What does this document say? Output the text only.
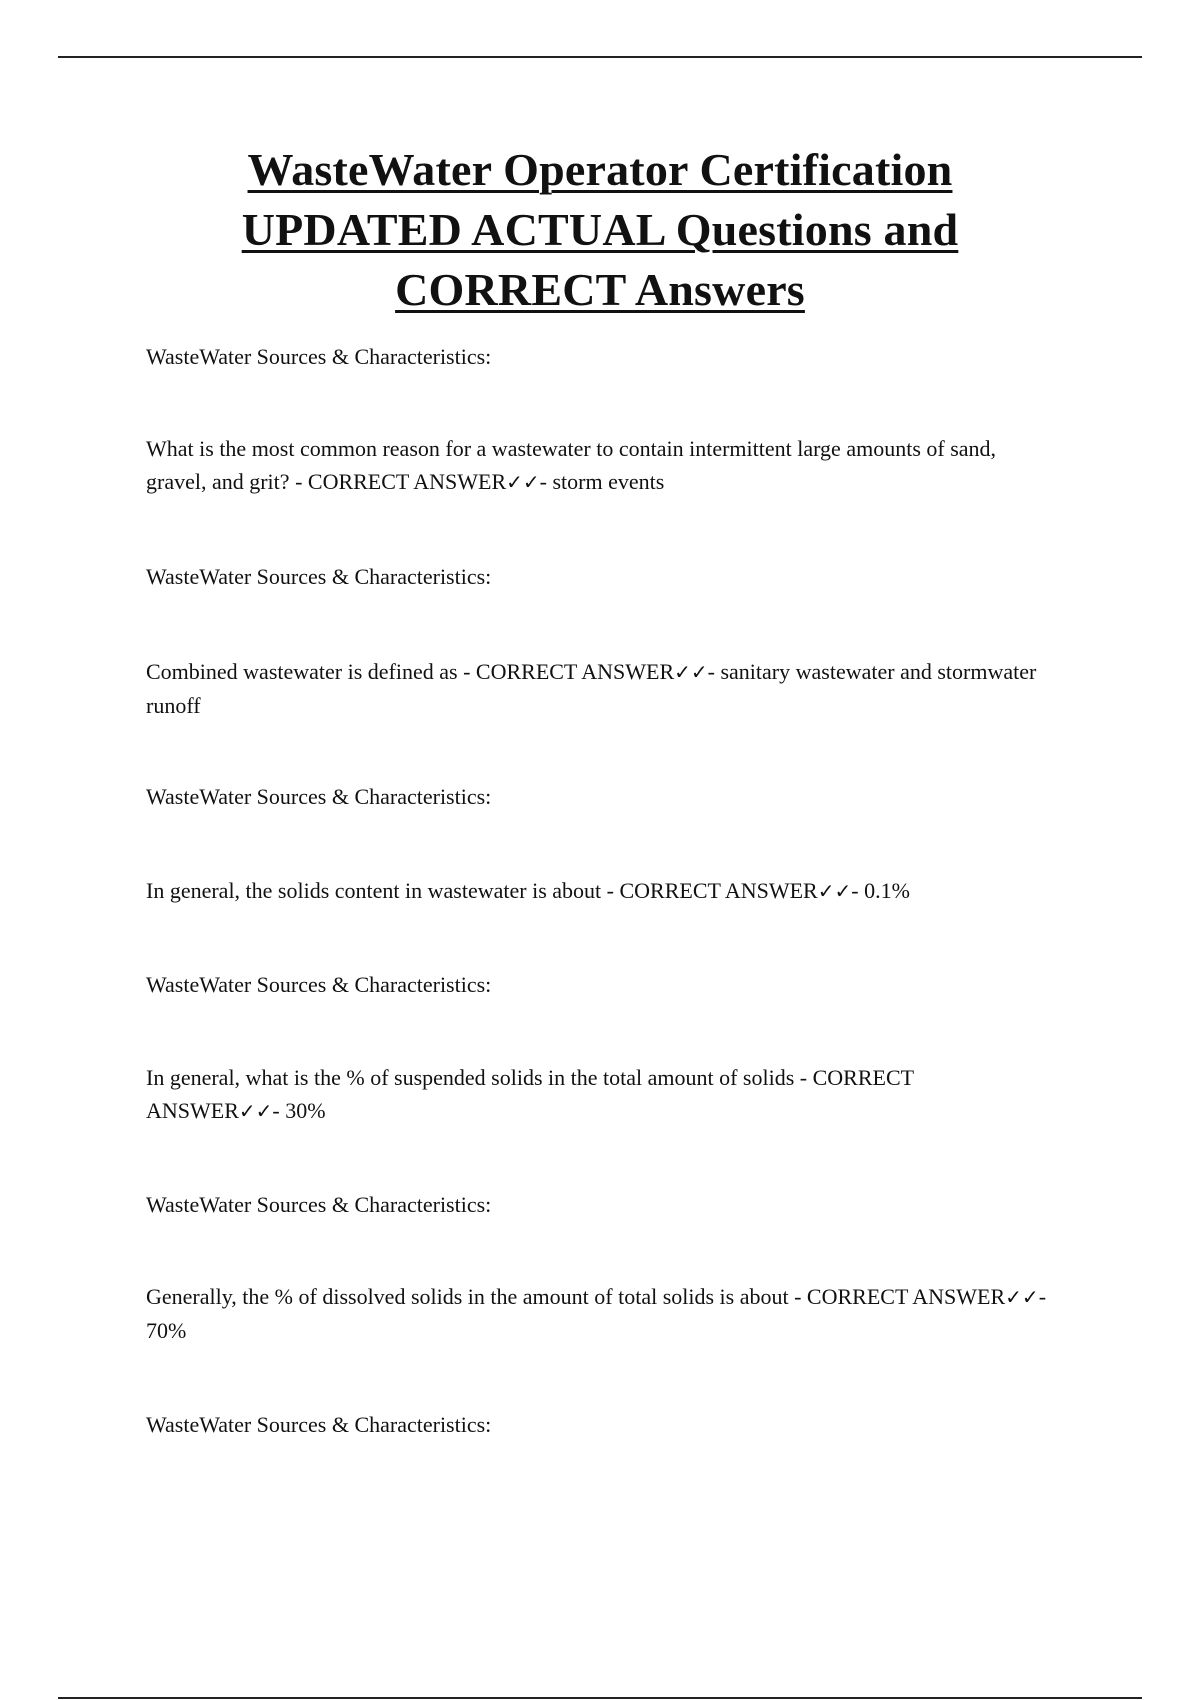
WasteWater Operator Certification
UPDATED ACTUAL Questions and
CORRECT Answers

WasteWater Sources & Characteristics:

What is the most common reason for a wastewater to contain intermittent large amounts of sand, gravel, and grit? - CORRECT ANSWER✓✓- storm events

WasteWater Sources & Characteristics:

Combined wastewater is defined as - CORRECT ANSWER✓✓- sanitary wastewater and stormwater runoff

WasteWater Sources & Characteristics:

In general, the solids content in wastewater is about - CORRECT ANSWER✓✓- 0.1%

WasteWater Sources & Characteristics:

In general, what is the % of suspended solids in the total amount of solids - CORRECT ANSWER✓✓- 30%

WasteWater Sources & Characteristics:

Generally, the % of dissolved solids in the amount of total solids is about - CORRECT ANSWER✓✓- 70%

WasteWater Sources & Characteristics:
